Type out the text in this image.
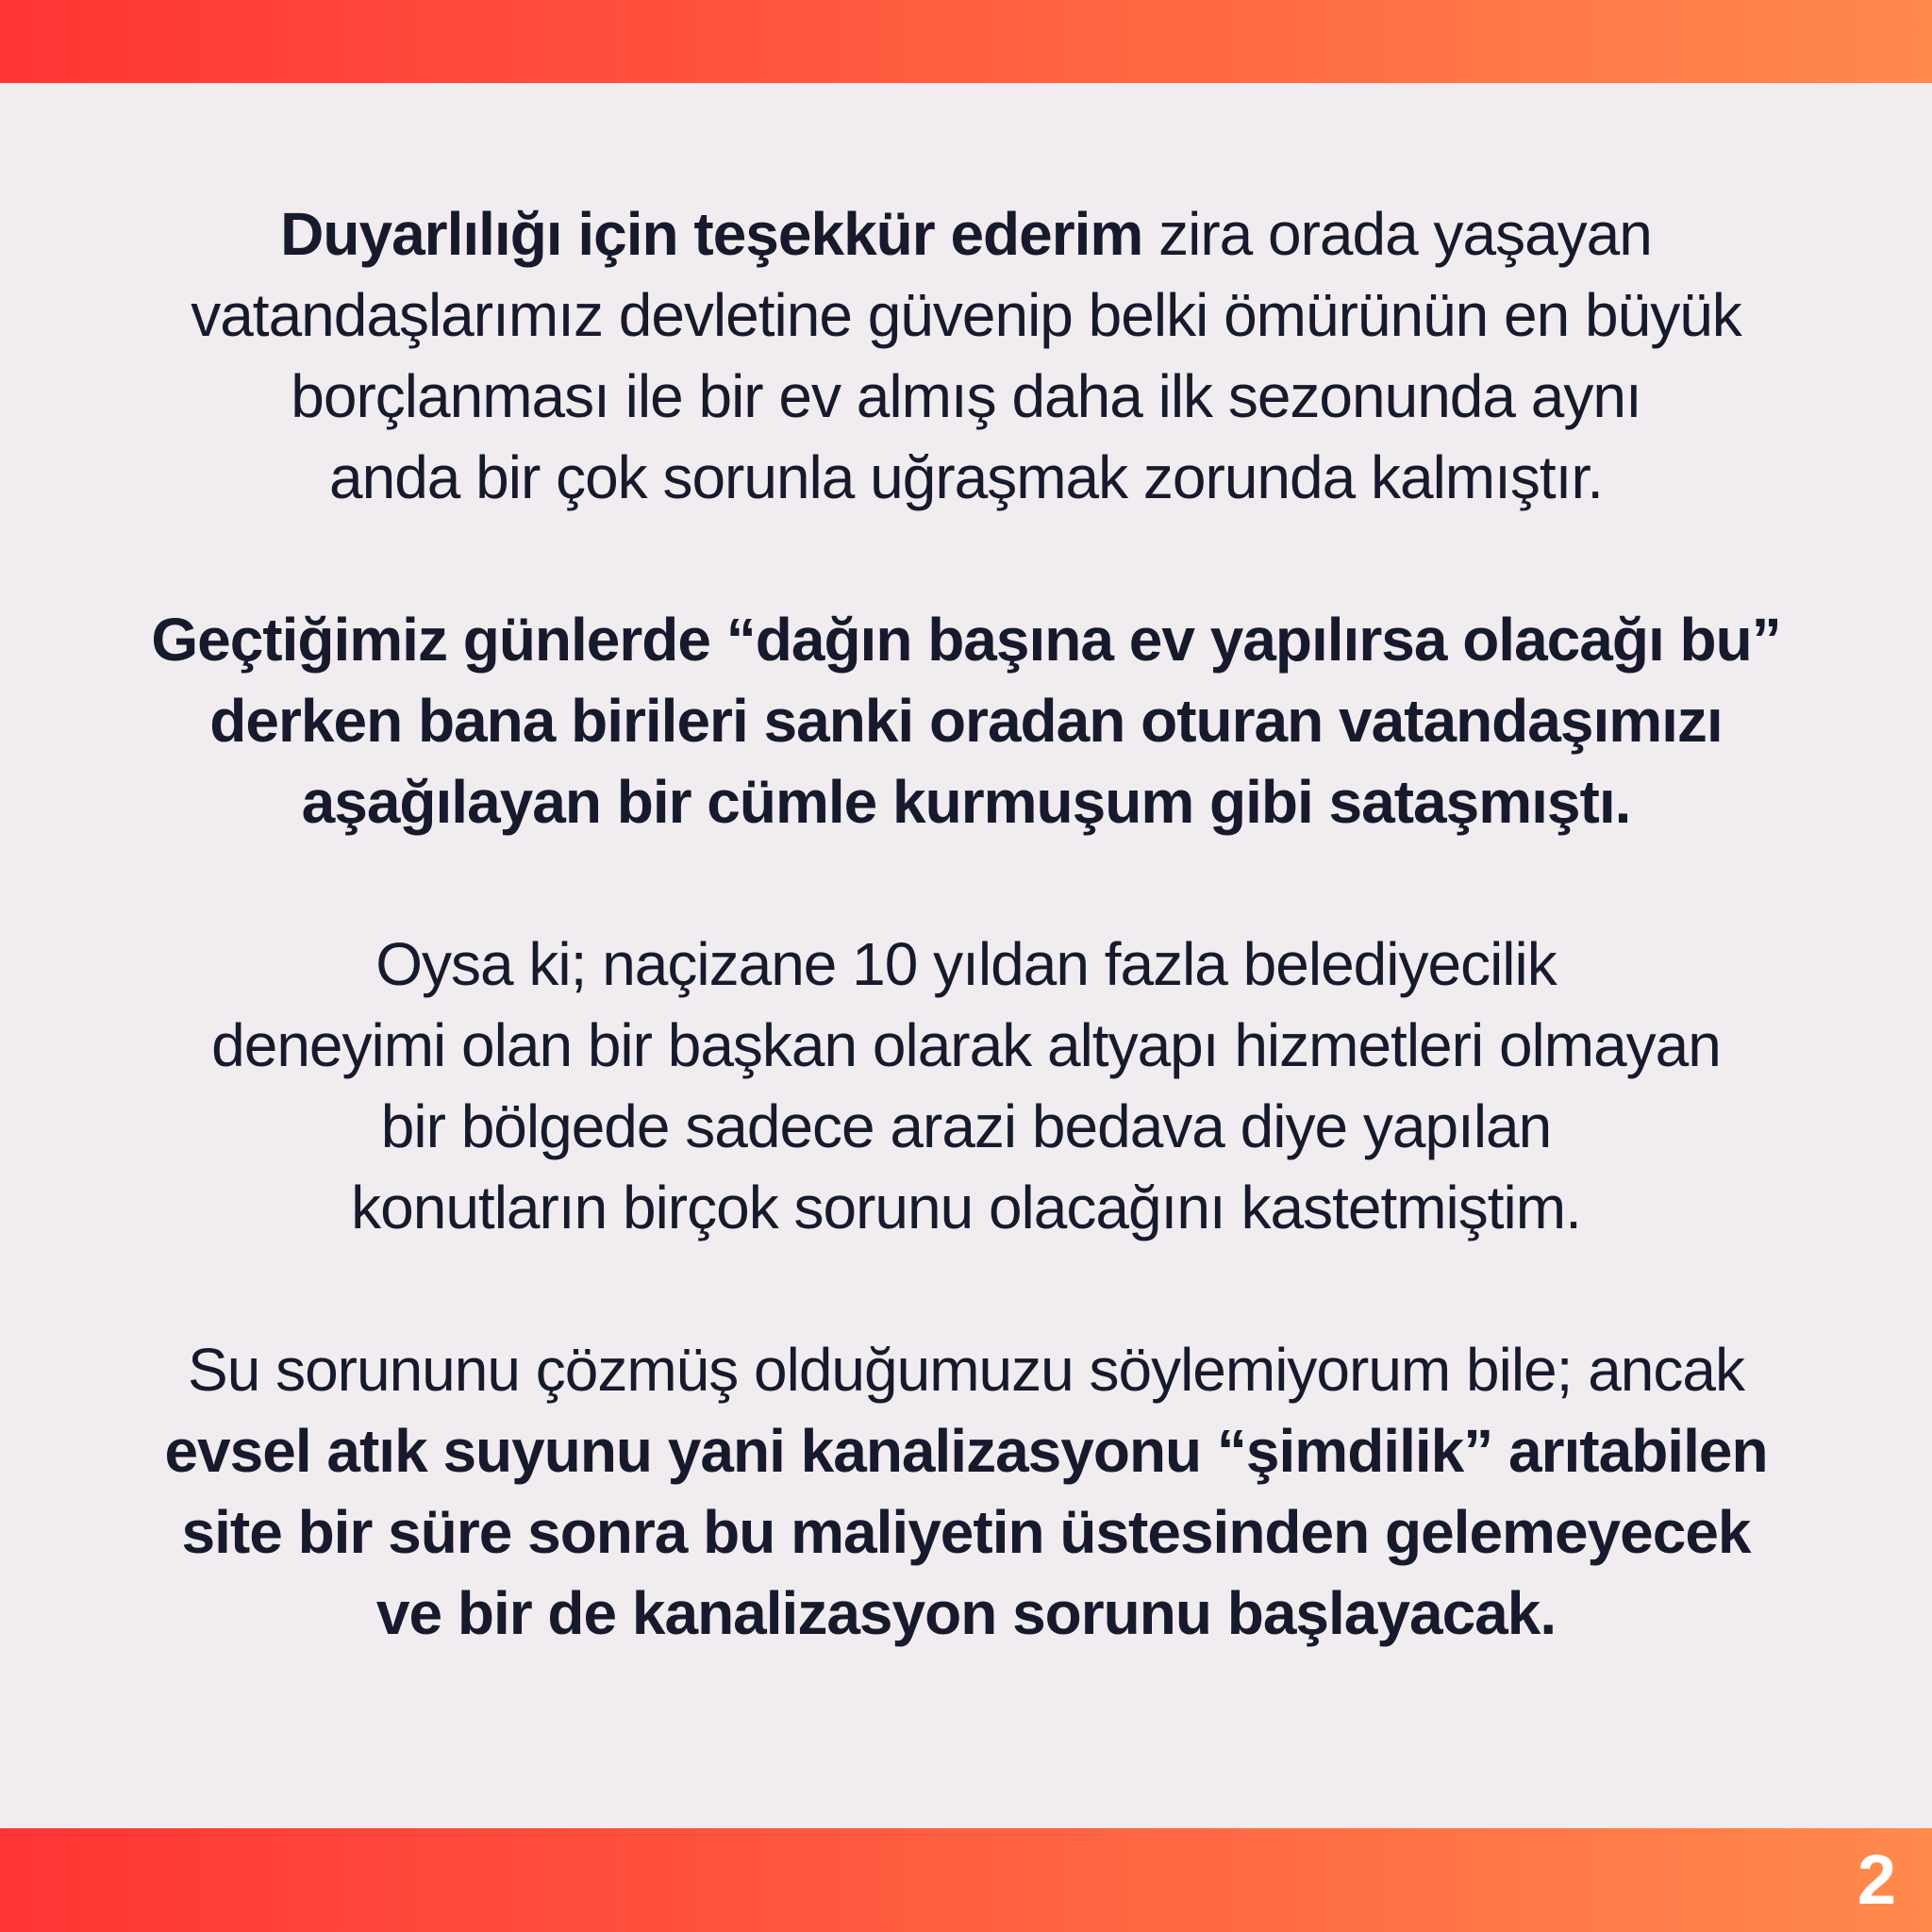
Duyarlılığı için teşekkür ederim zira orada yaşayan
vatandaşlarımız devletine güvenip belki ömürünün en büyük
borçlanması ile bir ev almış daha ilk sezonunda aynı
anda bir çok sorunla uğraşmak zorunda kalmıştır.

Geçtiğimiz günlerde “dağın başına ev yapılırsa olacağı bu”
derken bana birileri sanki oradan oturan vatandaşımızı
aşağılayan bir cümle kurmuşum gibi sataşmıştı.

Oysa ki; naçizane 10 yıldan fazla belediyecilik
deneyimi olan bir başkan olarak altyapı hizmetleri olmayan
bir bölgede sadece arazi bedava diye yapılan
konutların birçok sorunu olacağını kastetmiştim.

Su sorununu çözmüş olduğumuzu söylemiyorum bile; ancak
evsel atık suyunu yani kanalizasyonu “şimdilik” arıtabilen
site bir süre sonra bu maliyetin üstesinden gelemeyecek
ve bir de kanalizasyon sorunu başlayacak.

2
